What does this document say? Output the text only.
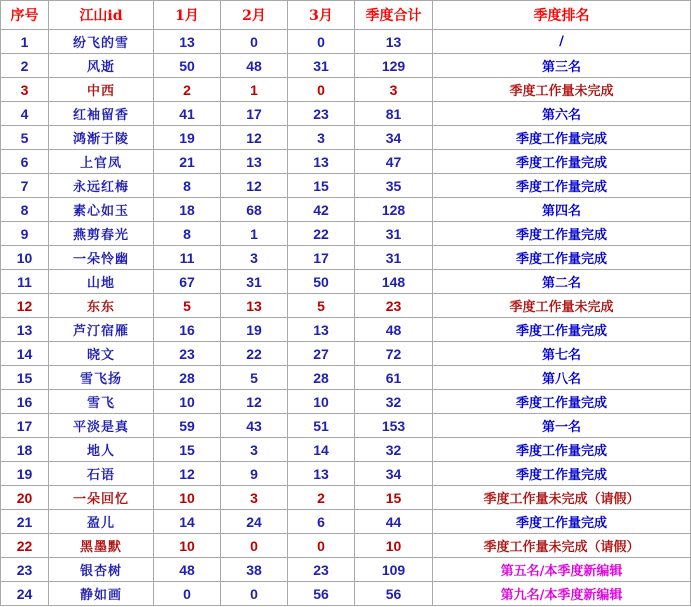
序号	江山id	1月	2月	3月	季度合计	季度排名
1	纷飞的雪	13	0	0	13	/
2	风逝	50	48	31	129	第三名
3	中西	2	1	0	3	季度工作量未完成
4	红袖留香	41	17	23	81	第六名
5	鸿渐于陵	19	12	3	34	季度工作量完成
6	上官凤	21	13	13	47	季度工作量完成
7	永远红梅	8	12	15	35	季度工作量完成
8	素心如玉	18	68	42	128	第四名
9	燕剪春光	8	1	22	31	季度工作量完成
10	一朵怜幽	11	3	17	31	季度工作量完成
11	山地	67	31	50	148	第二名
12	东东	5	13	5	23	季度工作量未完成
13	芦汀宿雁	16	19	13	48	季度工作量完成
14	晓文	23	22	27	72	第七名
15	雪飞扬	28	5	28	61	第八名
16	雪飞	10	12	10	32	季度工作量完成
17	平淡是真	59	43	51	153	第一名
18	地人	15	3	14	32	季度工作量完成
19	石语	12	9	13	34	季度工作量完成
20	一朵回忆	10	3	2	15	季度工作量未完成（请假）
21	盈儿	14	24	6	44	季度工作量完成
22	黑墨默	10	0	0	10	季度工作量未完成（请假）
23	银杏树	48	38	23	109	第五名/本季度新编辑
24	静如画	0	0	56	56	第九名/本季度新编辑
